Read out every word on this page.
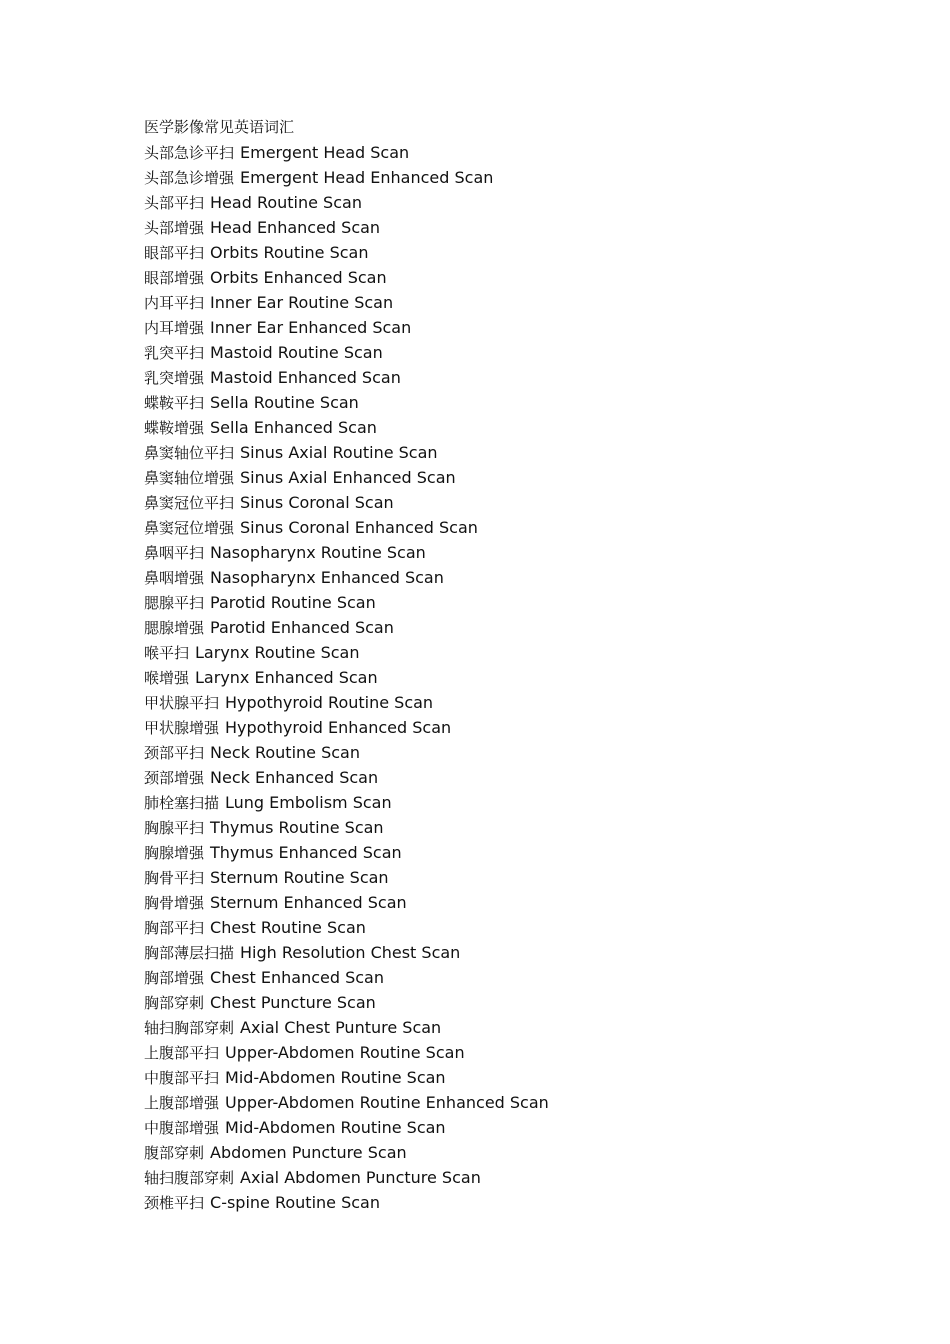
医学影像常见英语词汇
头部急诊平扫 Emergent Head Scan
头部急诊增强 Emergent Head Enhanced Scan
头部平扫 Head Routine Scan
头部增强 Head Enhanced Scan
眼部平扫 Orbits Routine Scan
眼部增强 Orbits Enhanced Scan
内耳平扫 Inner Ear Routine Scan
内耳增强 Inner Ear Enhanced Scan
乳突平扫 Mastoid Routine Scan
乳突增强 Mastoid Enhanced Scan
蝶鞍平扫 Sella Routine Scan
蝶鞍增强 Sella Enhanced Scan
鼻窦轴位平扫 Sinus Axial Routine Scan
鼻窦轴位增强 Sinus Axial Enhanced Scan
鼻窦冠位平扫 Sinus Coronal Scan
鼻窦冠位增强 Sinus Coronal Enhanced Scan
鼻咽平扫 Nasopharynx Routine Scan
鼻咽增强 Nasopharynx Enhanced Scan
腮腺平扫 Parotid Routine Scan
腮腺增强 Parotid Enhanced Scan
喉平扫 Larynx Routine Scan
喉增强 Larynx Enhanced Scan
甲状腺平扫 Hypothyroid Routine Scan
甲状腺增强 Hypothyroid Enhanced Scan
颈部平扫 Neck Routine Scan
颈部增强 Neck Enhanced Scan
肺栓塞扫描 Lung Embolism Scan
胸腺平扫 Thymus Routine Scan
胸腺增强 Thymus Enhanced Scan
胸骨平扫 Sternum Routine Scan
胸骨增强 Sternum Enhanced Scan
胸部平扫 Chest Routine Scan
胸部薄层扫描 High Resolution Chest Scan
胸部增强 Chest Enhanced Scan
胸部穿刺 Chest Puncture Scan
轴扫胸部穿刺 Axial Chest Punture Scan
上腹部平扫 Upper-Abdomen Routine Scan
中腹部平扫 Mid-Abdomen Routine Scan
上腹部增强 Upper-Abdomen Routine Enhanced Scan
中腹部增强 Mid-Abdomen Routine Scan
腹部穿刺 Abdomen Puncture Scan
轴扫腹部穿刺 Axial Abdomen Puncture Scan
颈椎平扫 C-spine Routine Scan
